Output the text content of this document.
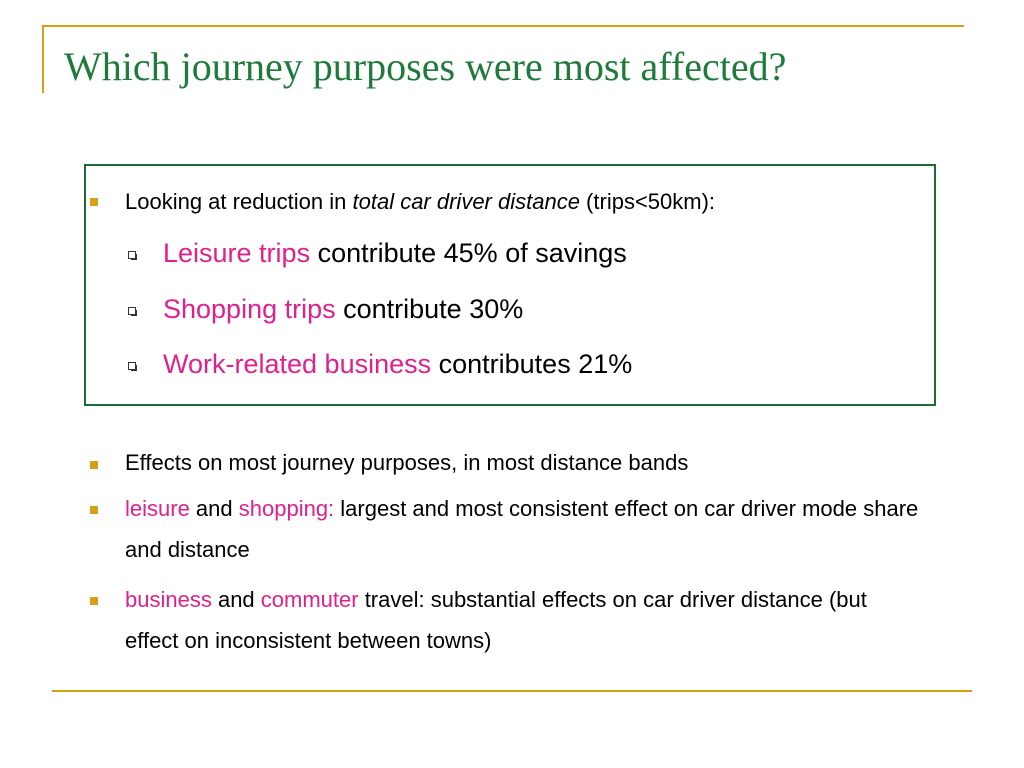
Which journey purposes were most affected?
Looking at reduction in total car driver distance (trips<50km):
Leisure trips contribute 45% of savings
Shopping trips contribute 30%
Work-related business contributes 21%
Effects on most journey purposes, in most distance bands
leisure and shopping: largest and most consistent effect on car driver mode share and distance
business and commuter travel: substantial effects on car driver distance (but effect on inconsistent between towns)
